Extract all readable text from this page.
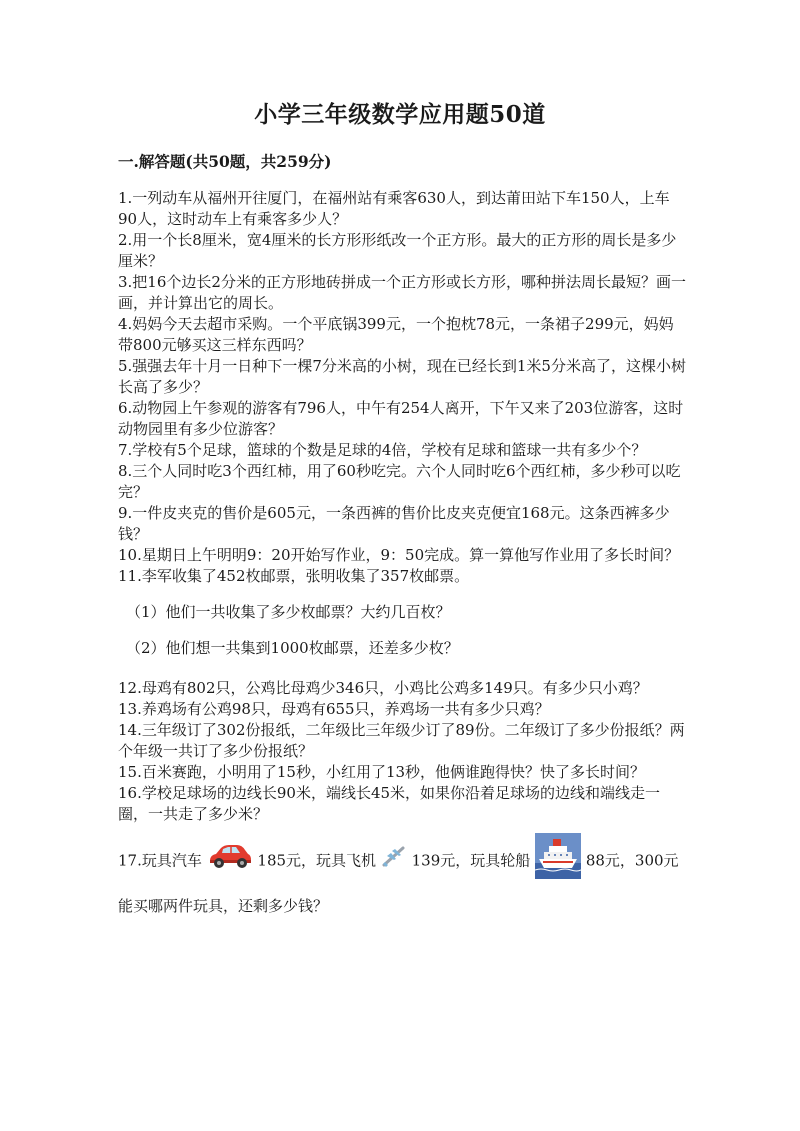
小学三年级数学应用题50道
一.解答题(共50题，共259分)

1.一列动车从福州开往厦门，在福州站有乘客630人，到达莆田站下车150人，上车90人，这时动车上有乘客多少人？

2.用一个长8厘米，宽4厘米的长方形形纸改一个正方形。最大的正方形的周长是多少厘米？

3.把16个边长2分米的正方形地砖拼成一个正方形或长方形，哪种拼法周长最短？画一画，并计算出它的周长。

4.妈妈今天去超市采购。一个平底锅399元，一个抱枕78元，一条裙子299元，妈妈带800元够买这三样东西吗？

5.强强去年十月一日种下一棵7分米高的小树，现在已经长到1米5分米高了，这棵小树长高了多少？

6.动物园上午参观的游客有796人，中午有254人离开，下午又来了203位游客，这时动物园里有多少位游客？

7.学校有5个足球，篮球的个数是足球的4倍，学校有足球和篮球一共有多少个？

8.三个人同时吃3个西红柿，用了60秒吃完。六个人同时吃6个西红柿，多少秒可以吃完？

9.一件皮夹克的售价是605元，一条西裤的售价比皮夹克便宜168元。这条西裤多少钱？

10.星期日上午明明9：20开始写作业，9：50完成。算一算他写作业用了多长时间？

11.李军收集了452枚邮票，张明收集了357枚邮票。

（1）他们一共收集了多少枚邮票？大约几百枚？

（2）他们想一共集到1000枚邮票，还差多少枚？

12.母鸡有802只，公鸡比母鸡少346只，小鸡比公鸡多149只。有多少只小鸡？

13.养鸡场有公鸡98只，母鸡有655只，养鸡场一共有多少只鸡？

14.三年级订了302份报纸，二年级比三年级少订了89份。二年级订了多少份报纸？两个年级一共订了多少份报纸？

15.百米赛跑，小明用了15秒，小红用了13秒，他俩谁跑得快？快了多长时间？

16.学校足球场的边线长90米，端线长45米，如果你沿着足球场的边线和端线走一圈，一共走了多少米？

17.玩具汽车	185元，玩具飞机 139元，玩具轮船	88元，300元能买哪两件玩具，还剩多少钱？
